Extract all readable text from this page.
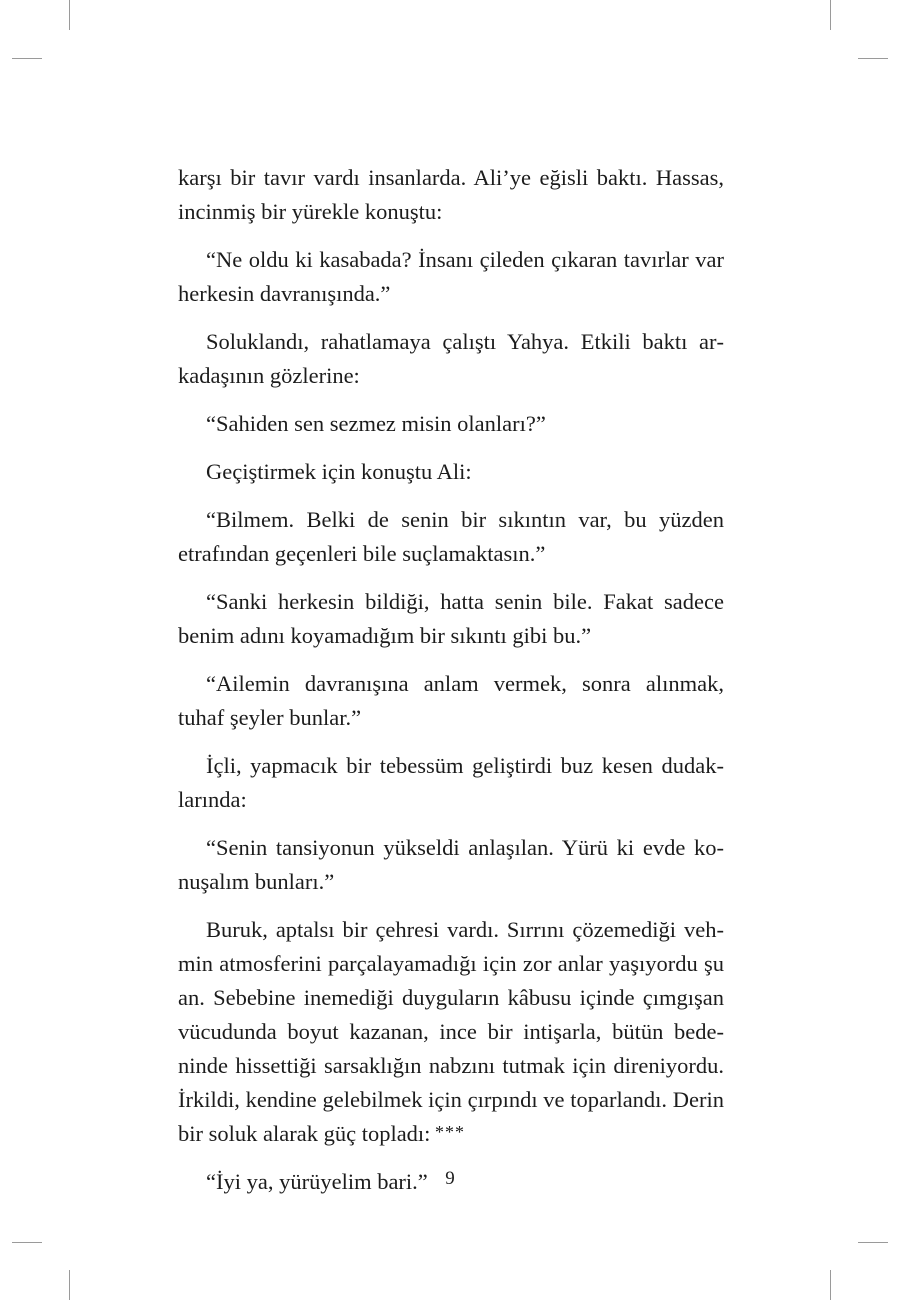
karşı bir tavır vardı insanlarda. Ali’ye eğisli baktı. Hassas, incinmiş bir yürekle konuştu:

“Ne oldu ki kasabada? İnsanı çileden çıkaran tavırlar var herkesin davranışında.”

Soluklandı, rahatlamaya çalıştı Yahya. Etkili baktı arkadaşının gözlerine:

“Sahiden sen sezmez misin olanları?”

Geçiştirmek için konuştu Ali:

“Bilmem. Belki de senin bir sıkıntın var, bu yüzden etrafından geçenleri bile suçlamaktasın.”

“Sanki herkesin bildiği, hatta senin bile. Fakat sadece benim adını koyamadığım bir sıkıntı gibi bu.”

“Ailemin davranışına anlam vermek, sonra alınmak, tuhaf şeyler bunlar.”

İçli, yapmacık bir tebessüm geliştirdi buz kesen dudaklarında:

“Senin tansiyonun yükseldi anlaşılan. Yürü ki evde konuşalım bunları.”

Buruk, aptalsı bir çehresi vardı. Sırrını çözemediği vehmin atmosferini parçalayamadığı için zor anlar yaşıyordu şu an. Sebebine inemediği duyguların kâbusu içinde çımgışan vücudunda boyut kazanan, ince bir intişarla, bütün bedeninde hissettiği sarsaklığın nabzını tutmak için direniyordu. İrkildi, kendine gelebilmek için çırpındı ve toparlandı. Derin bir soluk alarak güç topladı:

“İyi ya, yürüyelim bari.”

***
9
